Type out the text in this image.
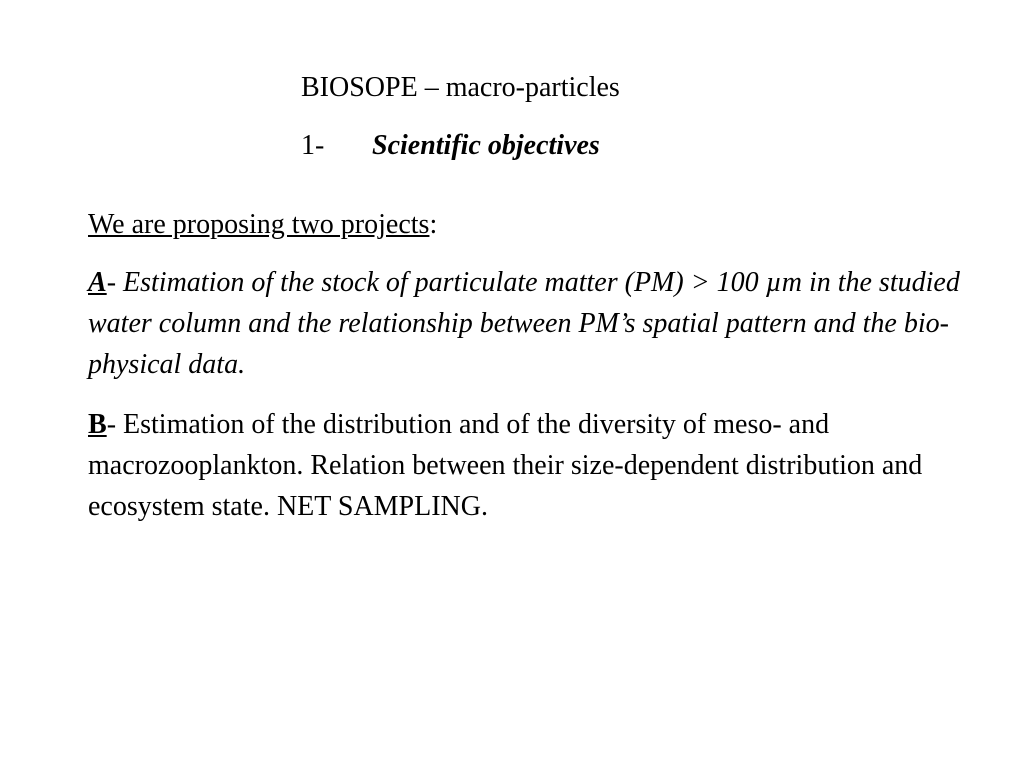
BIOSOPE – macro-particles
1- Scientific objectives
We are proposing two projects:
A- Estimation of the stock of particulate matter (PM) > 100 µm in the studied water column and the relationship between PM’s spatial pattern and the bio-physical data.
B- Estimation of the distribution and of the diversity of meso- and macrozooplankton. Relation between their size-dependent distribution and ecosystem state. NET SAMPLING.
